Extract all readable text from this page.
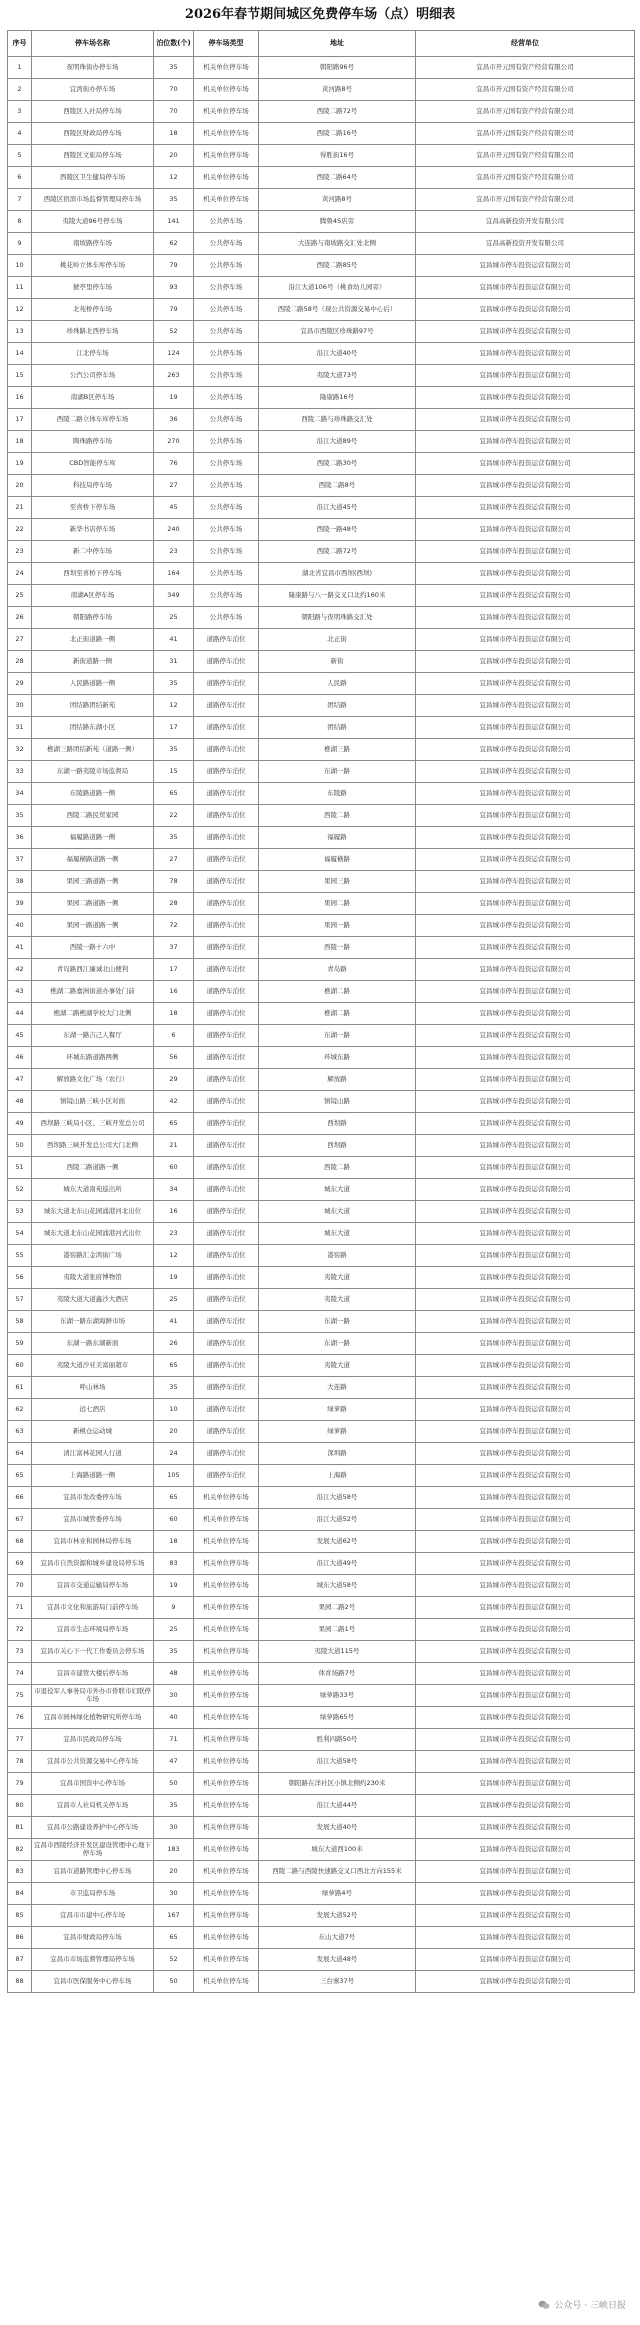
2026年春节期间城区免费停车场（点）明细表
序号	停车场名称	泊位数(个)	停车场类型	地址	经营单位
1	夜明珠街办停车场	35	机关单位停车场	朝阳路96号	宜昌市开元国有资产经营有限公司
2	宜湾街办停车场	70	机关单位停车场	黄河路8号	宜昌市开元国有资产经营有限公司
3	西陵区人社局停车场	70	机关单位停车场	西陵二路72号	宜昌市开元国有资产经营有限公司
4	西陵区财政局停车场	18	机关单位停车场	西陵二路16号	宜昌市开元国有资产经营有限公司
5	西陵区文旅局停车场	20	机关单位停车场	得胜街16号	宜昌市开元国有资产经营有限公司
6	西陵区卫生健局停车场	12	机关单位停车场	西陵二路64号	宜昌市开元国有资产经营有限公司
7	西陵区宿滨市场监督管理局停车场	35	机关单位停车场	黄河路8号	宜昌市开元国有资产经营有限公司
8	夷陵大道96号停车场	141	公共停车场	腾鲁4S店旁	宜昌高新投资开发有限公司
9	南坡路停车场	62	公共停车场	大连路与南坡路交汇处北侧	宜昌高新投资开发有限公司
10	桃花岭立体车库停车场	79	公共停车场	西陵二路85号	宜昌城市停车投资运营有限公司
11	猇亭里停车场	93	公共停车场	沿江大道106号（桃食幼儿园旁）	宜昌城市停车投资运营有限公司
12	北苑桥停车场	79	公共停车场	西陵二路58号（现公共资源交易中心后）	宜昌城市停车投资运营有限公司
13	珍珠路北西停车场	52	公共停车场	宜昌市西陵区珍珠路97号	宜昌城市停车投资运营有限公司
14	江北停车场	124	公共停车场	沿江大道40号	宜昌城市停车投资运营有限公司
15	公汽公司停车场	263	公共停车场	夷陵大道73号	宜昌城市停车投资运营有限公司
16	南湖B区停车场	19	公共停车场	隆康路16号	宜昌城市停车投资运营有限公司
17	西陵二路立体车库停车场	36	公共停车场	西陵二路与珍珠路交汇处	宜昌城市停车投资运营有限公司
18	陶珠路停车场	270	公共停车场	沿江大道89号	宜昌城市停车投资运营有限公司
19	CBD智能停车库	76	公共停车场	西陵二路30号	宜昌城市停车投资运营有限公司
20	科技局停车场	27	公共停车场	西陵二路8号	宜昌城市停车投资运营有限公司
21	至喜桥下停车场	45	公共停车场	沿江大道45号	宜昌城市停车投资运营有限公司
22	新华书店停车场	240	公共停车场	西陵一路48号	宜昌城市停车投资运营有限公司
23	新二中停车场	23	公共停车场	西陵二路72号	宜昌城市停车投资运营有限公司
24	西坝至喜桥下停车场	164	公共停车场	湖北省宜昌市西坝(西坝)	宜昌城市停车投资运营有限公司
25	南湖A区停车场	349	公共停车场	隆康路与八一路交叉口北约160米	宜昌城市停车投资运营有限公司
26	朝阳路停车场	25	公共停车场	朝阳路与夜明珠路交汇处	宜昌城市停车投资运营有限公司
27	北正街道路一侧	41	道路停车泊位	北正街	宜昌城市停车投资运营有限公司
28	新街道路一侧	31	道路停车泊位	新街	宜昌城市停车投资运营有限公司
29	人民路道路一侧	35	道路停车泊位	人民路	宜昌城市停车投资运营有限公司
30	团结路团结新苑	12	道路停车泊位	团结路	宜昌城市停车投资运营有限公司
31	团结路东湖小区	17	道路停车泊位	团结路	宜昌城市停车投资运营有限公司
32	樵湖三路团结新苑（道路一侧）	35	道路停车泊位	樵湖三路	宜昌城市停车投资运营有限公司
33	东湖一路夷陵市场监督局	15	道路停车泊位	东湖一路	宜昌城市停车投资运营有限公司
34	东陵路道路一侧	65	道路停车泊位	东陵路	宜昌城市停车投资运营有限公司
35	西陵二路民贸家园	22	道路停车泊位	西陵二路	宜昌城市停车投资运营有限公司
36	福履路道路一侧	35	道路停车泊位	福履路	宜昌城市停车投资运营有限公司
37	福履横路道路一侧	27	道路停车泊位	福履横路	宜昌城市停车投资运营有限公司
38	果园三路道路一侧	78	道路停车泊位	果园三路	宜昌城市停车投资运营有限公司
39	果园二路道路一侧	28	道路停车泊位	果园二路	宜昌城市停车投资运营有限公司
40	果园一路道路一侧	72	道路停车泊位	果园一路	宜昌城市停车投资运营有限公司
41	西陵一路十六中	37	道路停车泊位	西陵一路	宜昌城市停车投资运营有限公司
42	青岛路西江廉诚北山便利	17	道路停车泊位	青岛路	宜昌城市停车投资运营有限公司
43	樵湖二路嘉洲街道办事处门前	16	道路停车泊位	樵湖二路	宜昌城市停车投资运营有限公司
44	樵湖二路樵湖学校大门北侧	18	道路停车泊位	樵湖二路	宜昌城市停车投资运营有限公司
45	东湖一路吉己人餐厅	6	道路停车泊位	东湖一路	宜昌城市停车投资运营有限公司
46	环城东路道路两侧	56	道路停车泊位	环城东路	宜昌城市停车投资运营有限公司
47	解放路文化广场（农行）	29	道路停车泊位	解放路	宜昌城市停车投资运营有限公司
48	镇镜山路三峡小区对面	42	道路停车泊位	镇镜山路	宜昌城市停车投资运营有限公司
49	西坝路三峡局小区、三峡开发总公司	65	道路停车泊位	西坝路	宜昌城市停车投资运营有限公司
50	西坝路三峡开发总公司大门北侧	21	道路停车泊位	西坝路	宜昌城市停车投资运营有限公司
51	西陵二路道路一侧	60	道路停车泊位	西陵二路	宜昌城市停车投资运营有限公司
52	城东大道南苑巡出所	34	道路停车泊位	城东大道	宜昌城市停车投资运营有限公司
53	城东大道北东山花园涌港河北出位	16	道路停车泊位	城东大道	宜昌城市停车投资运营有限公司
54	城东大道北东山花园涌港河式出位	23	道路停车泊位	城东大道	宜昌城市停车投资运营有限公司
55	港窑路汇金鸿街广场	12	道路停车泊位	港窑路	宜昌城市停车投资运营有限公司
56	夷陵大道张府博物馆	19	道路停车泊位	夷陵大道	宜昌城市停车投资运营有限公司
57	夷陵大道大道鑫沙大酒店	25	道路停车泊位	夷陵大道	宜昌城市停车投资运营有限公司
58	东湖一路东湖海鲜市场	41	道路停车泊位	东湖一路	宜昌城市停车投资运营有限公司
59	东湖一路东湖新面	26	道路停车泊位	东湖一路	宜昌城市停车投资运营有限公司
60	夷陵大道沙亚美富丽超市	65	道路停车泊位	夷陵大道	宜昌城市停车投资运营有限公司
61	呼山林场	35	道路停车泊位	大连路	宜昌城市停车投资运营有限公司
62	远七酒店	10	道路停车泊位	绿萝路	宜昌城市停车投资运营有限公司
63	新桃仓运动城	20	道路停车泊位	绿萝路	宜昌城市停车投资运营有限公司
64	清江富林花园人行道	24	道路停车泊位	深圳路	宜昌城市停车投资运营有限公司
65	上海路道路一侧	105	道路停车泊位	上海路	宜昌城市停车投资运营有限公司
66	宜昌市发改委停车场	65	机关单位停车场	沿江大道58号	宜昌城市停车投资运营有限公司
67	宜昌市城管委停车场	60	机关单位停车场	沿江大道52号	宜昌城市停车投资运营有限公司
68	宜昌市林业和园林局停车场	18	机关单位停车场	发展大道62号	宜昌城市停车投资运营有限公司
69	宜昌市自然资源和城乡建设局停车场	83	机关单位停车场	沿江大道49号	宜昌城市停车投资运营有限公司
70	宜昌市交通运输局停车场	19	机关单位停车场	城东大道58号	宜昌城市停车投资运营有限公司
71	宜昌市文化和旅游局门前停车场	9	机关单位停车场	果园二路2号	宜昌城市停车投资运营有限公司
72	宜昌市生态环境局停车场	25	机关单位停车场	果园二路1号	宜昌城市停车投资运营有限公司
73	宜昌市关心下一代工作委员会停车场	35	机关单位停车场	夷陵大道115号	宜昌城市停车投资运营有限公司
74	宜昌市建管大楼后停车场	48	机关单位停车场	体育场路7号	宜昌城市停车投资运营有限公司
75	市退役军人事务局市外办市侨联市妇联停车场	30	机关单位停车场	绿萝路33号	宜昌城市停车投资运营有限公司
76	宜昌市园林绿化植物研究所停车场	40	机关单位停车场	绿萝路65号	宜昌城市停车投资运营有限公司
77	宜昌市民政局停车场	71	机关单位停车场	胜利四路50号	宜昌城市停车投资运营有限公司
78	宜昌市公共资源交易中心停车场	47	机关单位停车场	沿江大道58号	宜昌城市停车投资运营有限公司
79	宜昌市国资中心停车场	50	机关单位停车场	朝阳路在洋社区小镇北侧约230米	宜昌城市停车投资运营有限公司
80	宜昌市人社局机关停车场	35	机关单位停车场	沿江大道44号	宜昌城市停车投资运营有限公司
81	宜昌市公路建设养护中心停车场	30	机关单位停车场	发展大道40号	宜昌城市停车投资运营有限公司
82	宜昌市西陵经济开发区建设管理中心地下停车场	183	机关单位停车场	城东大道西100米	宜昌城市停车投资运营有限公司
83	宜昌市道路管理中心停车场	20	机关单位停车场	西陵二路与西陵快速路交叉口西北方向155米	宜昌城市停车投资运营有限公司
84	市卫监局停车场	30	机关单位停车场	绿萝路4号	宜昌城市停车投资运营有限公司
85	宜昌市市建中心停车场	167	机关单位停车场	发展大道52号	宜昌城市停车投资运营有限公司
86	宜昌市财政局停车场	65	机关单位停车场	东山大道7号	宜昌城市停车投资运营有限公司
87	宜昌市市场监督管理局停车场	52	机关单位停车场	发展大道48号	宜昌城市停车投资运营有限公司
88	宜昌市医保服务中心停车场	50	机关单位停车场	三台寨37号	宜昌城市停车投资运营有限公司
公众号 · 三峡日报
